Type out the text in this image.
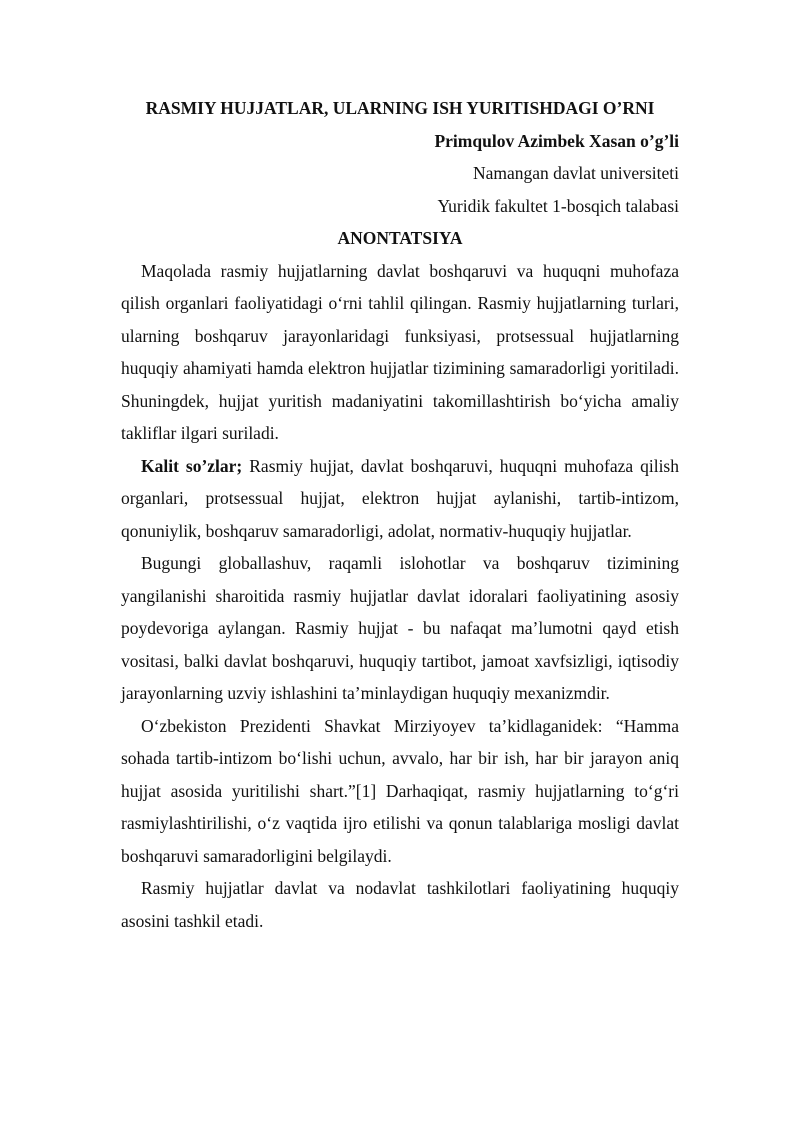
RASMIY HUJJATLAR, ULARNING ISH YURITISHDAGI O’RNI

Primqulov Azimbek Xasan o’g’li

Namangan davlat universiteti

Yuridik fakultet 1-bosqich talabasi

ANONTATSIYA

Maqolada rasmiy hujjatlarning davlat boshqaruvi va huquqni muhofaza qilish organlari faoliyatidagi o‘rni tahlil qilingan. Rasmiy hujjatlarning turlari, ularning boshqaruv jarayonlaridagi funksiyasi, protsessual hujjatlarning huquqiy ahamiyati hamda elektron hujjatlar tizimining samaradorligi yoritiladi. Shuningdek, hujjat yuritish madaniyatini takomillashtirish bo‘yicha amaliy takliflar ilgari suriladi.

Kalit so’zlar; Rasmiy hujjat, davlat boshqaruvi, huquqni muhofaza qilish organlari, protsessual hujjat, elektron hujjat aylanishi, tartib-intizom, qonuniylik, boshqaruv samaradorligi, adolat, normativ-huquqiy hujjatlar.

Bugungi globallashuv, raqamli islohotlar va boshqaruv tizimining yangilanishi sharoitida rasmiy hujjatlar davlat idoralari faoliyatining asosiy poydevoriga aylangan. Rasmiy hujjat - bu nafaqat ma’lumotni qayd etish vositasi, balki davlat boshqaruvi, huquqiy tartibot, jamoat xavfsizligi, iqtisodiy jarayonlarning uzviy ishlashini ta’minlaydigan huquqiy mexanizmdir.

O‘zbekiston Prezidenti Shavkat Mirziyoyev ta’kidlaganidek: “Hamma sohada tartib-intizom bo‘lishi uchun, avvalo, har bir ish, har bir jarayon aniq hujjat asosida yuritilishi shart.”[1] Darhaqiqat, rasmiy hujjatlarning to‘g‘ri rasmiylashtirilishi, o‘z vaqtida ijro etilishi va qonun talablariga mosligi davlat boshqaruvi samaradorligini belgilaydi.

Rasmiy hujjatlar davlat va nodavlat tashkilotlari faoliyatining huquqiy asosini tashkil etadi.
